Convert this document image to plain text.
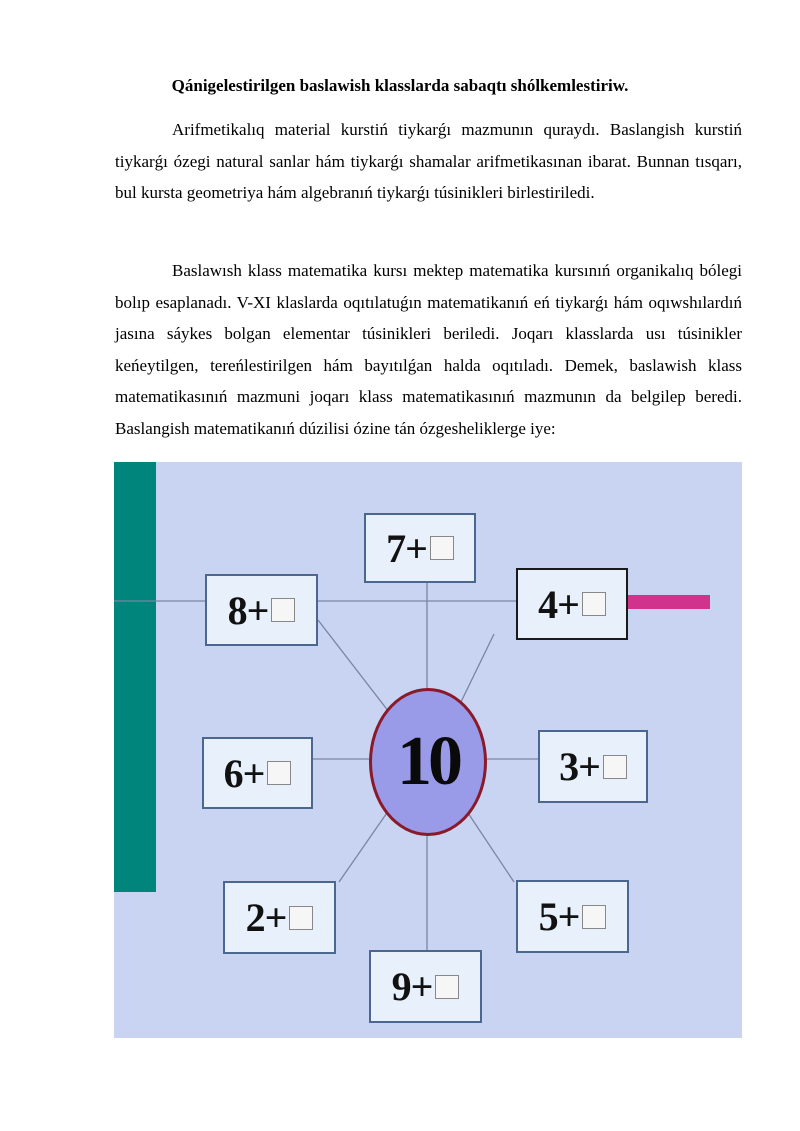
Qánigelestirilgen baslawish klasslarda sabaqtı shólkemlestiriw.

Arifmetikalıq material kurstiń tiykarǵı mazmunın quraydı. Baslangish kurstiń tiykarǵı ózegi natural sanlar hám tiykarǵı shamalar arifmetikasınan ibarat. Bunnan tısqarı, bul kursta geometriya hám algebranıń tiykarǵı túsinikleri birlestiriledi.

Baslawısh klass matematika kursı mektep matematika kursınıń organikalıq bólegi bolıp esaplanadı. V-XI klaslarda oqıtılatuǵın matematikanıń eń tiykarǵı hám oqıwshılardıń jasına sáykes bolgan elementar túsinikleri beriledi. Joqarı klasslarda usı túsinikler keńeytilgen, tereńlestirilgen hám bayıtılǵan halda oqıtıladı. Demek, baslawish klass matematikasınıń mazmuni joqarı klass matematikasınıń mazmunın da belgilep beredi. Baslangish matematikanıń dúzilisi ózine tán ózgesheliklerge iye:

7+
8+	4+
6+	3+
2+	5+
9+
10
